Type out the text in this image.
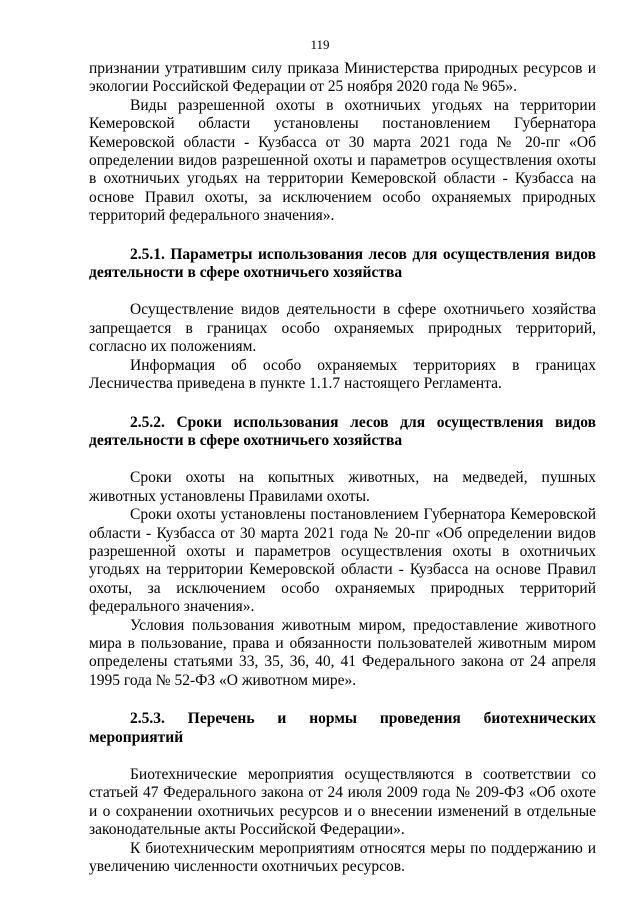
119

признании утратившим силу приказа Министерства природных ресурсов и экологии Российской Федерации от 25 ноября 2020 года № 965».

Виды разрешенной охоты в охотничьих угодьях на территории Кемеровской области установлены постановлением Губернатора Кемеровской области - Кузбасса от 30 марта 2021 года № 20-пг «Об определении видов разрешенной охоты и параметров осуществления охоты в охотничьих угодьях на территории Кемеровской области - Кузбасса на основе Правил охоты, за исключением особо охраняемых природных территорий федерального значения».

2.5.1. Параметры использования лесов для осуществления видов деятельности в сфере охотничьего хозяйства

Осуществление видов деятельности в сфере охотничьего хозяйства запрещается в границах особо охраняемых природных территорий, согласно их положениям.

Информация об особо охраняемых территориях в границах Лесничества приведена в пункте 1.1.7 настоящего Регламента.

2.5.2. Сроки использования лесов для осуществления видов деятельности в сфере охотничьего хозяйства

Сроки охоты на копытных животных, на медведей, пушных животных установлены Правилами охоты.

Сроки охоты установлены постановлением Губернатора Кемеровской области - Кузбасса от 30 марта 2021 года № 20-пг «Об определении видов разрешенной охоты и параметров осуществления охоты в охотничьих угодьях на территории Кемеровской области - Кузбасса на основе Правил охоты, за исключением особо охраняемых природных территорий федерального значения».

Условия пользования животным миром, предоставление животного мира в пользование, права и обязанности пользователей животным миром определены статьями 33, 35, 36, 40, 41 Федерального закона от 24 апреля 1995 года № 52-ФЗ «О животном мире».

2.5.3. Перечень и нормы проведения биотехнических мероприятий

Биотехнические мероприятия осуществляются в соответствии со статьей 47 Федерального закона от 24 июля 2009 года № 209-ФЗ «Об охоте и о сохранении охотничьих ресурсов и о внесении изменений в отдельные законодательные акты Российской Федерации».

К биотехническим мероприятиям относятся меры по поддержанию и увеличению численности охотничьих ресурсов.
